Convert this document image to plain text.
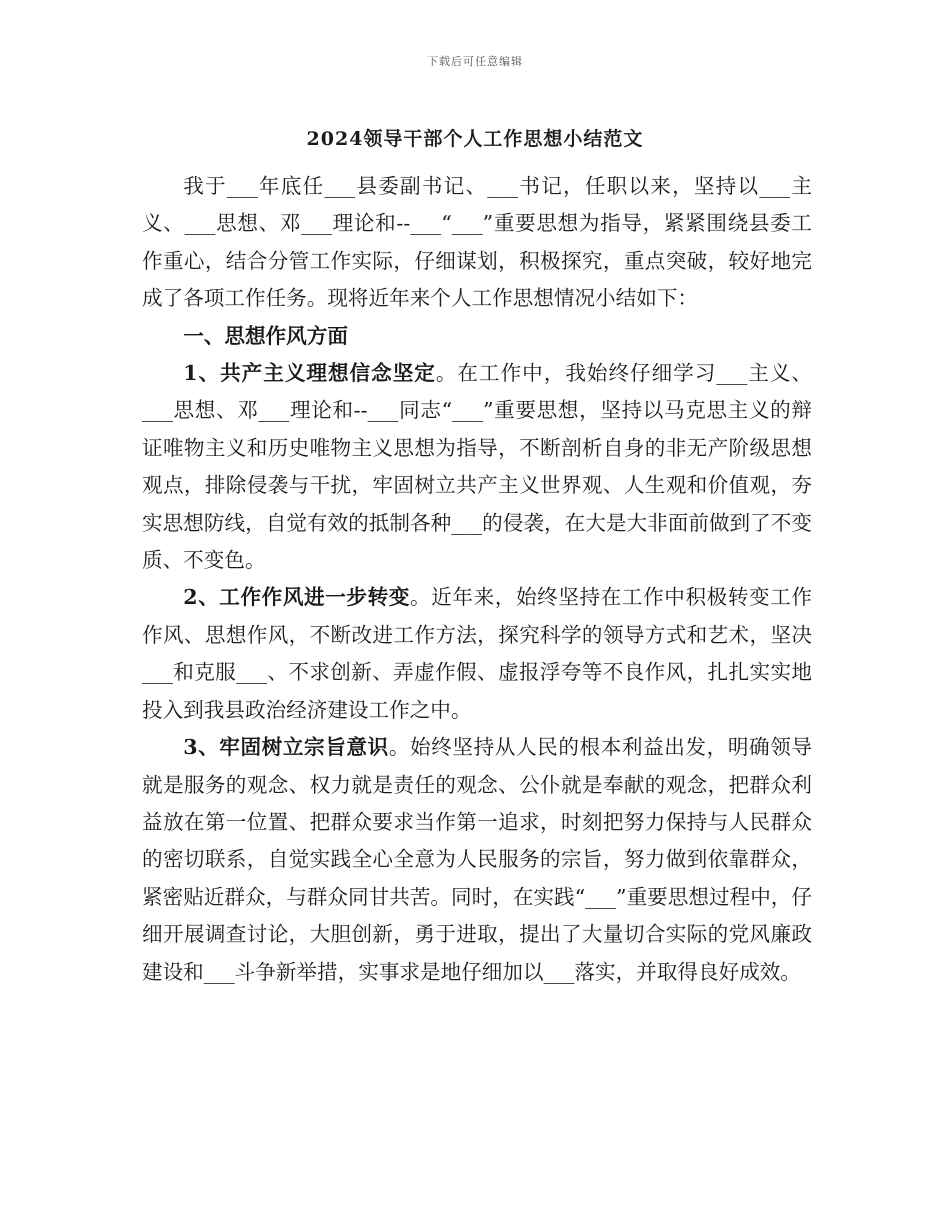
下载后可任意编辑
2024领导干部个人工作思想小结范文

我于___年底任___县委副书记、___书记，任职以来，坚持以___主义、___思想、邓___理论和--___“___”重要思想为指导，紧紧围绕县委工作重心，结合分管工作实际，仔细谋划，积极探究，重点突破，较好地完成了各项工作任务。现将近年来个人工作思想情况小结如下：

一、思想作风方面

1、共产主义理想信念坚定。在工作中，我始终仔细学习___主义、___思想、邓___理论和--___同志“___”重要思想，坚持以马克思主义的辩证唯物主义和历史唯物主义思想为指导，不断剖析自身的非无产阶级思想观点，排除侵袭与干扰，牢固树立共产主义世界观、人生观和价值观，夯实思想防线，自觉有效的抵制各种___的侵袭，在大是大非面前做到了不变质、不变色。

2、工作作风进一步转变。近年来，始终坚持在工作中积极转变工作作风、思想作风，不断改进工作方法，探究科学的领导方式和艺术，坚决___和克服___、不求创新、弄虚作假、虚报浮夸等不良作风，扎扎实实地投入到我县政治经济建设工作之中。

3、牢固树立宗旨意识。始终坚持从人民的根本利益出发，明确领导就是服务的观念、权力就是责任的观念、公仆就是奉献的观念，把群众利益放在第一位置、把群众要求当作第一追求，时刻把努力保持与人民群众的密切联系，自觉实践全心全意为人民服务的宗旨，努力做到依靠群众，紧密贴近群众，与群众同甘共苦。同时，在实践“___”重要思想过程中，仔细开展调查讨论，大胆创新，勇于进取，提出了大量切合实际的党风廉政建设和___斗争新举措，实事求是地仔细加以___落实，并取得良好成效。
